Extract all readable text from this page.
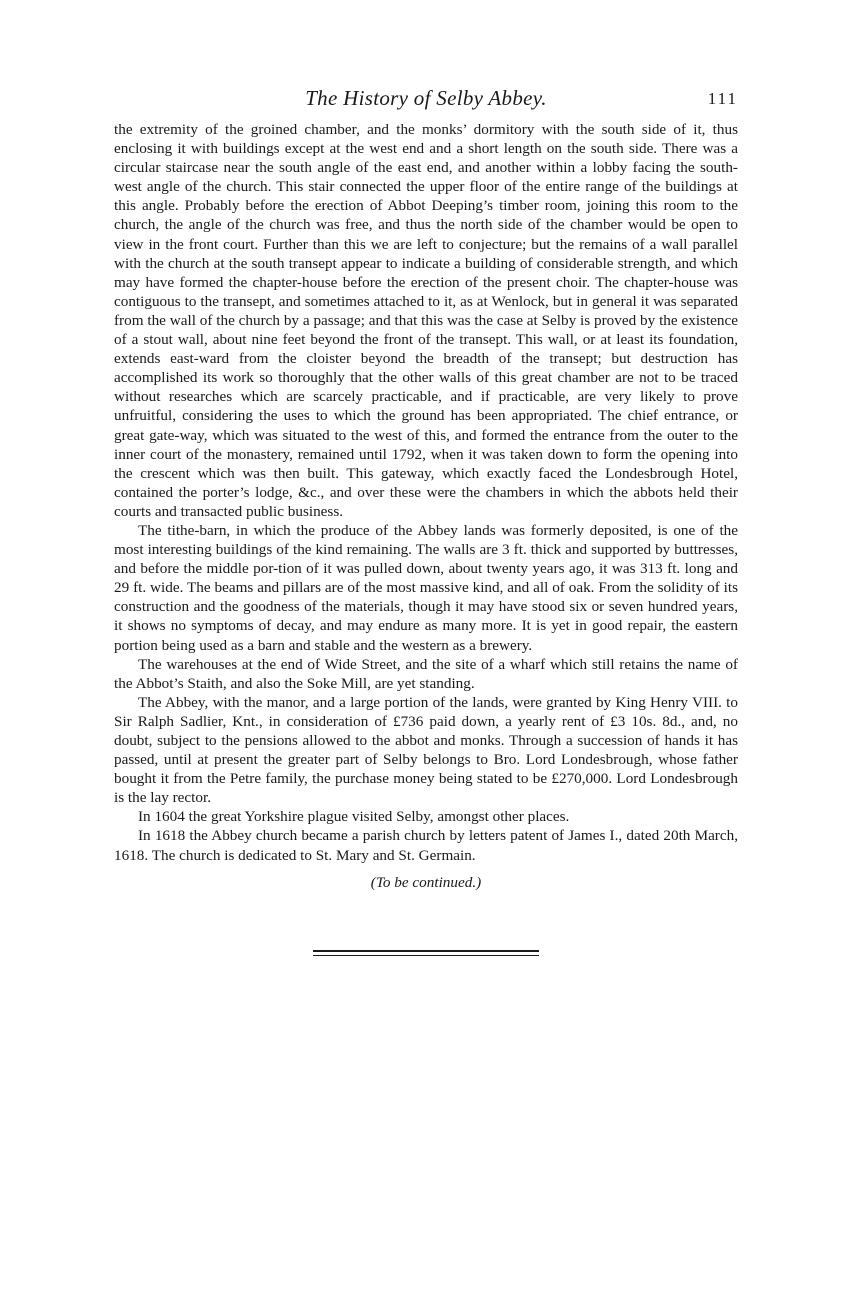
The History of Selby Abbey.	111

the extremity of the groined chamber, and the monks’ dormitory with the south side of it, thus enclosing it with buildings except at the west end and a short length on the south side. There was a circular staircase near the south angle of the east end, and another within a lobby facing the south-west angle of the church. This stair connected the upper floor of the entire range of the buildings at this angle. Probably before the erection of Abbot Deeping’s timber room, joining this room to the church, the angle of the church was free, and thus the north side of the chamber would be open to view in the front court. Further than this we are left to conjecture; but the remains of a wall parallel with the church at the south transept appear to indicate a building of considerable strength, and which may have formed the chapter-house before the erection of the present choir. The chapter-house was contiguous to the transept, and sometimes attached to it, as at Wenlock, but in general it was separated from the wall of the church by a passage; and that this was the case at Selby is proved by the existence of a stout wall, about nine feet beyond the front of the transept. This wall, or at least its foundation, extends east-ward from the cloister beyond the breadth of the transept; but destruction has accomplished its work so thoroughly that the other walls of this great chamber are not to be traced without researches which are scarcely practicable, and if practicable, are very likely to prove unfruitful, considering the uses to which the ground has been appropriated. The chief entrance, or great gate-way, which was situated to the west of this, and formed the entrance from the outer to the inner court of the monastery, remained until 1792, when it was taken down to form the opening into the crescent which was then built. This gateway, which exactly faced the Londesbrough Hotel, contained the porter’s lodge, &c., and over these were the chambers in which the abbots held their courts and transacted public business.

The tithe-barn, in which the produce of the Abbey lands was formerly deposited, is one of the most interesting buildings of the kind remaining. The walls are 3 ft. thick and supported by buttresses, and before the middle por-tion of it was pulled down, about twenty years ago, it was 313 ft. long and 29 ft. wide. The beams and pillars are of the most massive kind, and all of oak. From the solidity of its construction and the goodness of the materials, though it may have stood six or seven hundred years, it shows no symptoms of decay, and may endure as many more. It is yet in good repair, the eastern portion being used as a barn and stable and the western as a brewery.

The warehouses at the end of Wide Street, and the site of a wharf which still retains the name of the Abbot’s Staith, and also the Soke Mill, are yet standing.

The Abbey, with the manor, and a large portion of the lands, were granted by King Henry VIII. to Sir Ralph Sadlier, Knt., in consideration of £736 paid down, a yearly rent of £3 10s. 8d., and, no doubt, subject to the pensions allowed to the abbot and monks. Through a succession of hands it has passed, until at present the greater part of Selby belongs to Bro. Lord Londesbrough, whose father bought it from the Petre family, the purchase money being stated to be £270,000. Lord Londesbrough is the lay rector.

In 1604 the great Yorkshire plague visited Selby, amongst other places.

In 1618 the Abbey church became a parish church by letters patent of James I., dated 20th March, 1618. The church is dedicated to St. Mary and St. Germain.

(To be continued.)
